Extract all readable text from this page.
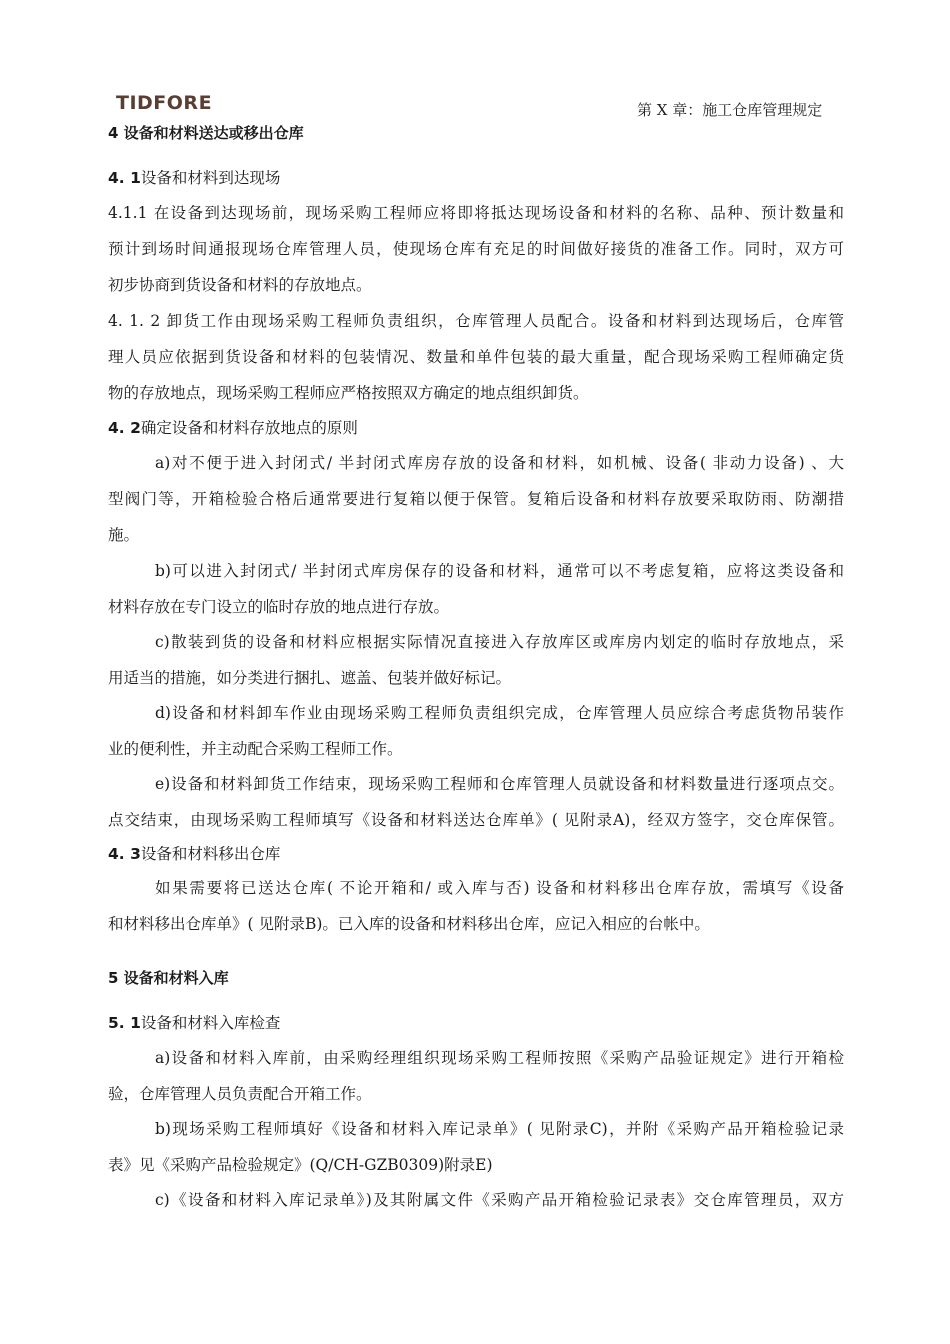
TIDFORE	第 X 章：施工仓库管理规定
4 设备和材料送达或移出仓库
4. 1设备和材料到达现场
4.1.1 在设备到达现场前，现场采购工程师应将即将抵达现场设备和材料的名称、品种、预计数量和
预计到场时间通报现场仓库管理人员，使现场仓库有充足的时间做好接货的准备工作。同时，双方可
初步协商到货设备和材料的存放地点。
4. 1. 2 卸货工作由现场采购工程师负责组织，仓库管理人员配合。设备和材料到达现场后，仓库管
理人员应依据到货设备和材料的包装情况、数量和单件包装的最大重量，配合现场采购工程师确定货
物的存放地点，现场采购工程师应严格按照双方确定的地点组织卸货。
4. 2确定设备和材料存放地点的原则
a)对不便于进入封闭式/ 半封闭式库房存放的设备和材料，如机械、设备( 非动力设备) 、大
型阀门等，开箱检验合格后通常要进行复箱以便于保管。复箱后设备和材料存放要采取防雨、防潮措
施。
b)可以进入封闭式/ 半封闭式库房保存的设备和材料，通常可以不考虑复箱，应将这类设备和
材料存放在专门设立的临时存放的地点进行存放。
c)散装到货的设备和材料应根据实际情况直接进入存放库区或库房内划定的临时存放地点，采
用适当的措施，如分类进行捆扎、遮盖、包装并做好标记。
d)设备和材料卸车作业由现场采购工程师负责组织完成，仓库管理人员应综合考虑货物吊装作
业的便利性，并主动配合采购工程师工作。
e)设备和材料卸货工作结束，现场采购工程师和仓库管理人员就设备和材料数量进行逐项点交。
点交结束，由现场采购工程师填写《设备和材料送达仓库单》( 见附录A)，经双方签字，交仓库保管。
4. 3设备和材料移出仓库
如果需要将已送达仓库( 不论开箱和/ 或入库与否) 设备和材料移出仓库存放，需填写《设备
和材料移出仓库单》( 见附录B)。已入库的设备和材料移出仓库，应记入相应的台帐中。
5 设备和材料入库
5. 1设备和材料入库检查
a)设备和材料入库前，由采购经理组织现场采购工程师按照《采购产品验证规定》进行开箱检
验，仓库管理人员负责配合开箱工作。
b)现场采购工程师填好《设备和材料入库记录单》( 见附录C)，并附《采购产品开箱检验记录
表》见《采购产品检验规定》(Q/CH-GZB0309)附录E)
c)《设备和材料入库记录单》)及其附属文件《采购产品开箱检验记录表》交仓库管理员，双方
